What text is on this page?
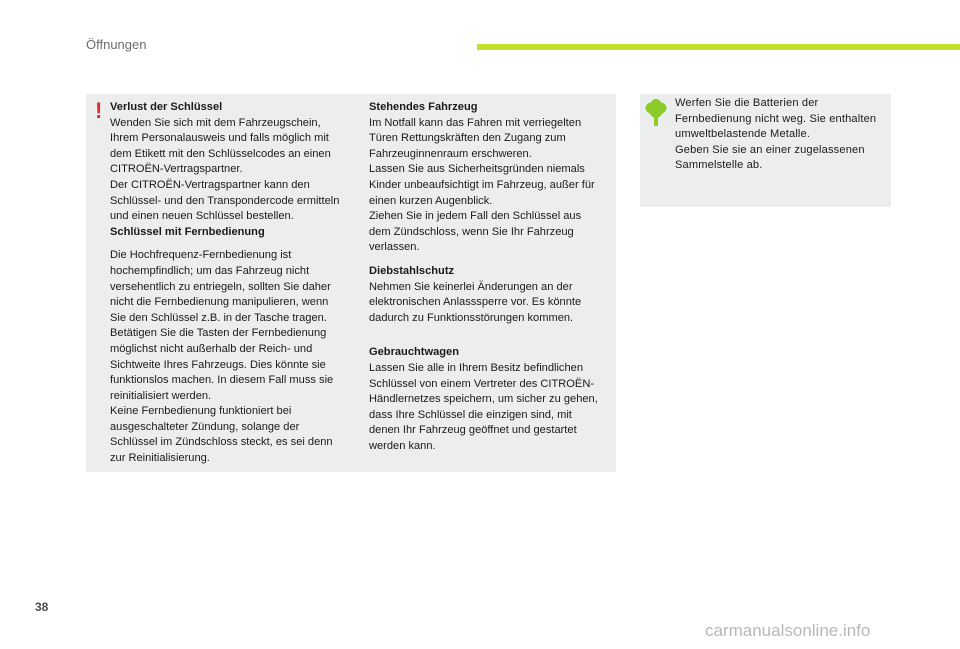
Öffnungen
! Verlust der Schlüssel

Wenden Sie sich mit dem Fahrzeugschein,

Ihrem Personalausweis und falls möglich mit

dem Etikett mit den Schlüsselcodes an einen

CITROËN-Vertragspartner.

Der CITROËN-Vertragspartner kann den

Schlüssel- und den Transpondercode ermitteln

und einen neuen Schlüssel bestellen.

Schlüssel mit Fernbedienung

Die Hochfrequenz-Fernbedienung ist

hochempfindlich; um das Fahrzeug nicht

versehentlich zu entriegeln, sollten Sie daher

nicht die Fernbedienung manipulieren, wenn

Sie den Schlüssel z.B. in der Tasche tragen.

Betätigen Sie die Tasten der Fernbedienung

möglichst nicht außerhalb der Reich- und

Sichtweite Ihres Fahrzeugs. Dies könnte sie

funktionslos machen. In diesem Fall muss sie

reinitialisiert werden.

Keine Fernbedienung funktioniert bei

ausgeschalteter Zündung, solange der

Schlüssel im Zündschloss steckt, es sei denn

zur Reinitialisierung.

Stehendes Fahrzeug

Im Notfall kann das Fahren mit verriegelten

Türen Rettungskräften den Zugang zum

Fahrzeuginnenraum erschweren.

Lassen Sie aus Sicherheitsgründen niemals

Kinder unbeaufsichtigt im Fahrzeug, außer für

einen kurzen Augenblick.

Ziehen Sie in jedem Fall den Schlüssel aus

dem Zündschloss, wenn Sie Ihr Fahrzeug

verlassen.

Diebstahlschutz

Nehmen Sie keinerlei Änderungen an der

elektronischen Anlasssperre vor. Es könnte

dadurch zu Funktionsstörungen kommen.

Gebrauchtwagen

Lassen Sie alle in Ihrem Besitz befindlichen

Schlüssel von einem Vertreter des CITROËN-

Händlernetzes speichern, um sicher zu gehen,

dass Ihre Schlüssel die einzigen sind, mit

denen Ihr Fahrzeug geöffnet und gestartet

werden kann.

Werfen Sie die Batterien der

Fernbedienung nicht weg. Sie enthalten

umweltbelastende Metalle.

Geben Sie sie an einer zugelassenen

Sammelstelle ab.

38
carmanualsonline.info
